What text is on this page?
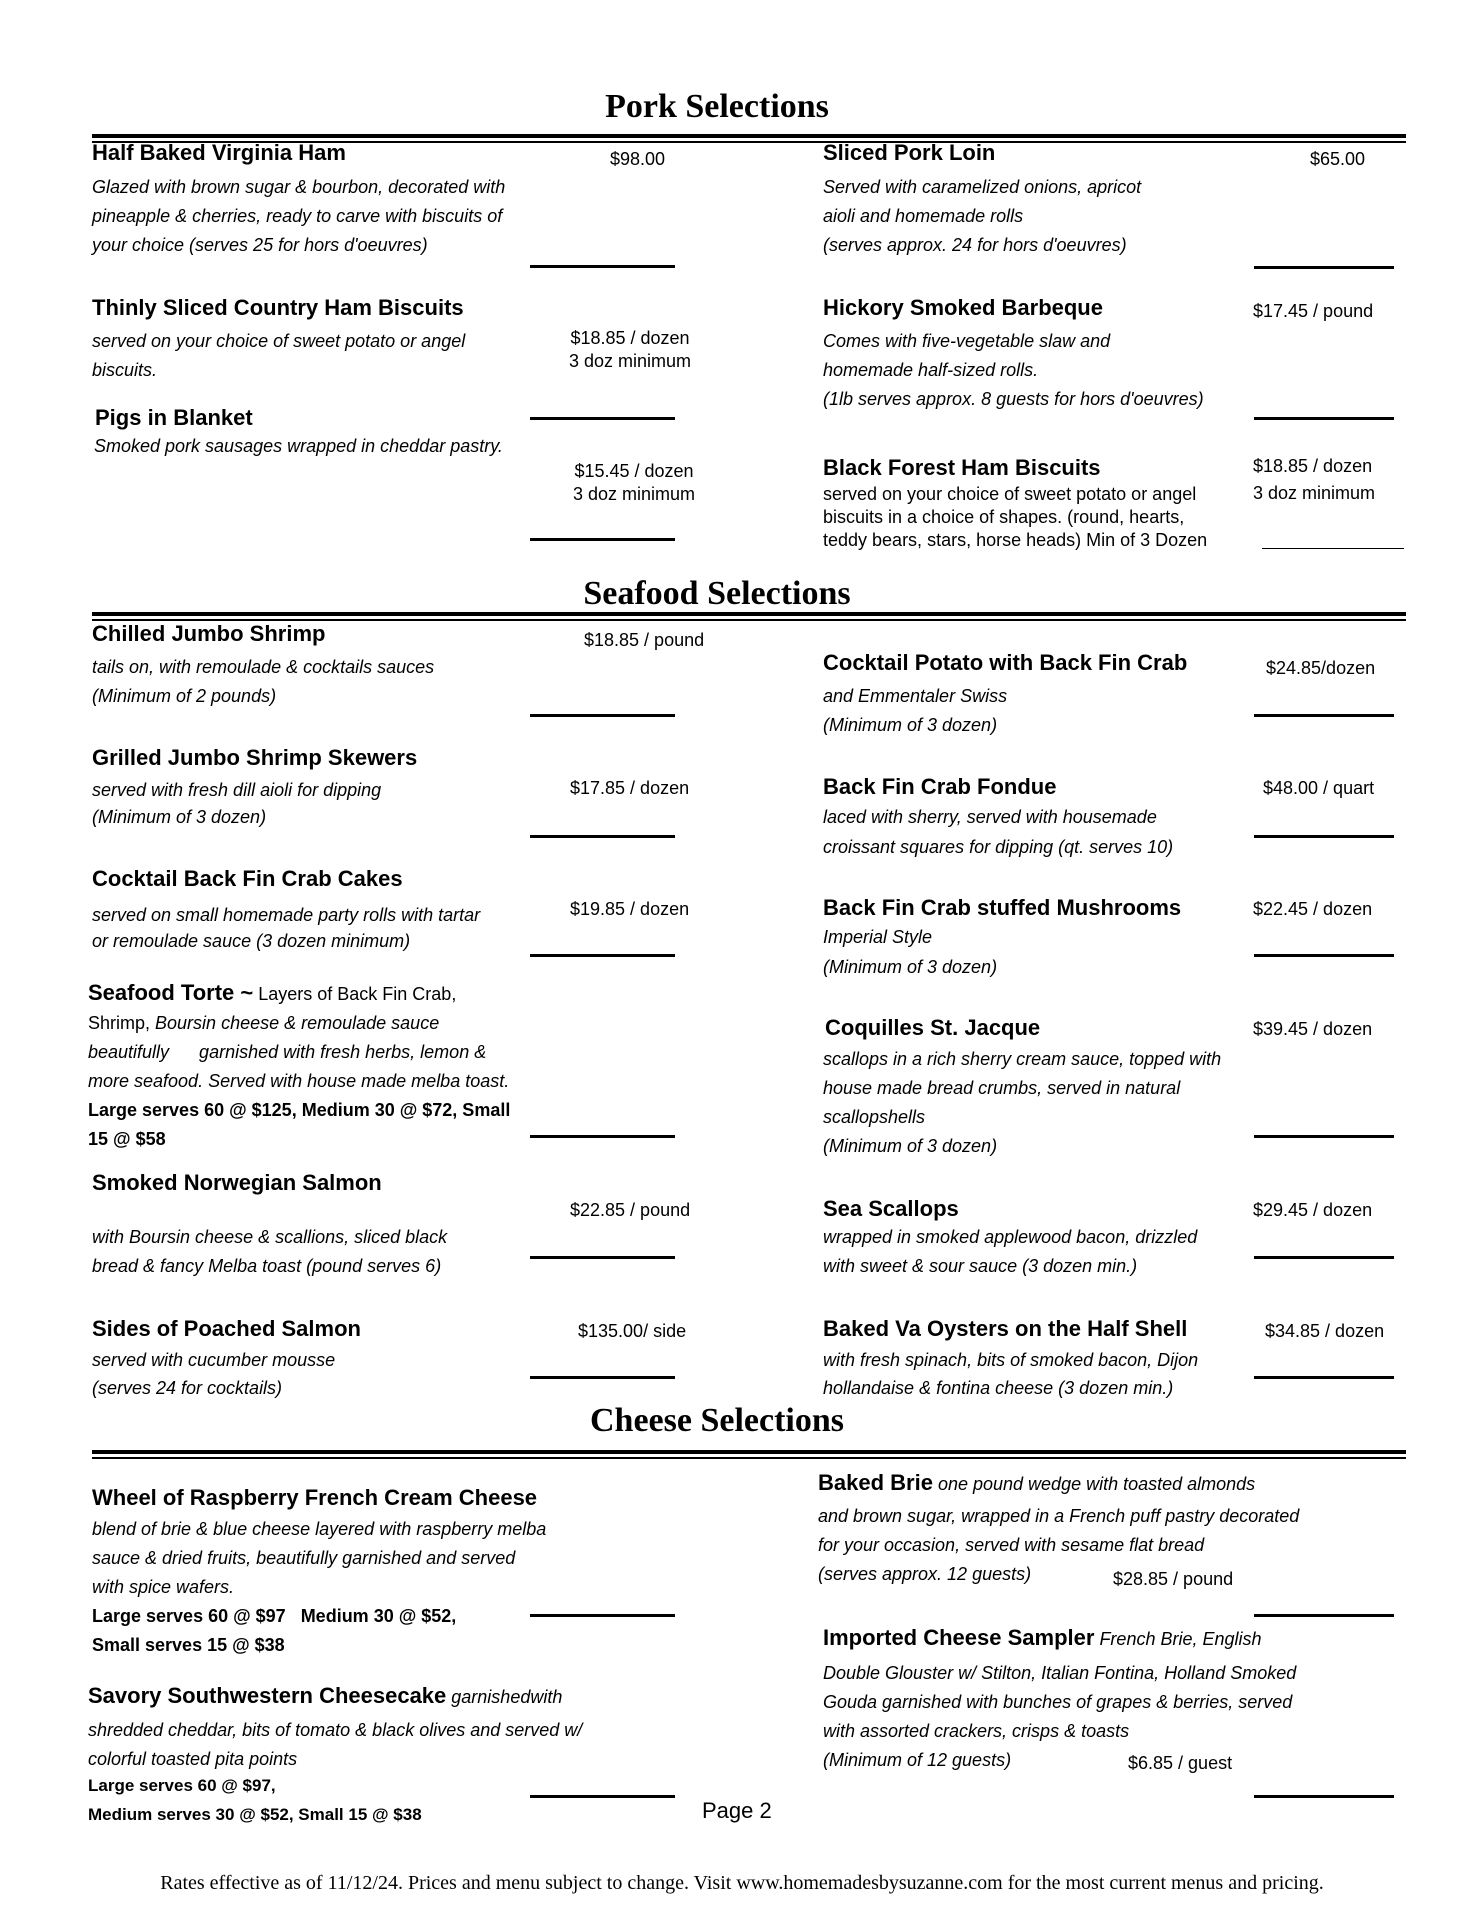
Pork Selections
Half Baked Virginia Ham	$98.00
Glazed with brown sugar & bourbon, decorated with
pineapple & cherries, ready to carve with biscuits of
your choice (serves 25 for hors d'oeuvres)
Sliced Pork Loin	$65.00
Served with caramelized onions, apricot
aioli and homemade rolls
(serves approx. 24 for hors d'oeuvres)
Thinly Sliced Country Ham Biscuits
$18.85 / dozen
3 doz minimum
served on your choice of sweet potato or angel
biscuits.
Hickory Smoked Barbeque	$17.45 / pound
Comes with five-vegetable slaw and
homemade half-sized rolls.
(1lb serves approx. 8 guests for hors d'oeuvres)
Pigs in Blanket
Smoked pork sausages wrapped in cheddar pastry.
$15.45 / dozen
3 doz minimum
Black Forest Ham Biscuits	$18.85 / dozen
3 doz minimum
served on your choice of sweet potato or angel
biscuits in a choice of shapes. (round, hearts,
teddy bears, stars, horse heads) Min of 3 Dozen
Seafood Selections
Chilled Jumbo Shrimp	$18.85 / pound
tails on, with remoulade & cocktails sauces
(Minimum of 2 pounds)
Cocktail Potato with Back Fin Crab	$24.85/dozen
and Emmentaler Swiss
(Minimum of 3 dozen)
Grilled Jumbo Shrimp Skewers
$17.85 / dozen
served with fresh dill aioli for dipping
(Minimum of 3 dozen)
Back Fin Crab Fondue	$48.00 / quart
laced with sherry, served with housemade
croissant squares for dipping (qt. serves 10)
Cocktail Back Fin Crab Cakes
$19.85 / dozen
served on small homemade party rolls with tartar
or remoulade sauce (3 dozen minimum)
Back Fin Crab stuffed Mushrooms	$22.45 / dozen
Imperial Style
(Minimum of 3 dozen)
Seafood Torte ~ Layers of Back Fin Crab,
Shrimp, Boursin cheese & remoulade sauce
beautifully      garnished with fresh herbs, lemon &
more seafood. Served with house made melba toast.
Large serves 60 @ $125, Medium 30 @ $72, Small
15 @ $58
Coquilles St. Jacque	$39.45 / dozen
scallops in a rich sherry cream sauce, topped with
house made bread crumbs, served in natural
scallopshells
(Minimum of 3 dozen)
Smoked Norwegian Salmon
$22.85 / pound
with Boursin cheese & scallions, sliced black
bread & fancy Melba toast (pound serves 6)
Sea Scallops	$29.45 / dozen
wrapped in smoked applewood bacon, drizzled
with sweet & sour sauce (3 dozen min.)
Sides of Poached Salmon	$135.00/ side
served with cucumber mousse
(serves 24 for cocktails)
Baked Va Oysters on the Half Shell	$34.85 / dozen
with fresh spinach, bits of smoked bacon, Dijon
hollandaise & fontina cheese (3 dozen min.)
Cheese Selections
Wheel of Raspberry French Cream Cheese
blend of brie & blue cheese layered with raspberry melba
sauce & dried fruits, beautifully garnished and served
with spice wafers.
Large serves 60 @ $97   Medium 30 @ $52,
Small serves 15 @ $38
Baked Brie one pound wedge with toasted almonds
and brown sugar, wrapped in a French puff pastry decorated
for your occasion, served with sesame flat bread
(serves approx. 12 guests)	$28.85 / pound
Imported Cheese Sampler French Brie, English
Double Glouster w/ Stilton, Italian Fontina, Holland Smoked
Gouda garnished with bunches of grapes & berries, served
with assorted crackers, crisps & toasts
(Minimum of 12 guests)	$6.85 / guest
Savory Southwestern Cheesecake garnishedwith
shredded cheddar, bits of tomato & black olives and served w/
colorful toasted pita points
Large serves 60 @ $97,
Medium serves 30 @ $52, Small 15 @ $38	Page 2
Rates effective as of 11/12/24. Prices and menu subject to change. Visit www.homemadesbysuzanne.com for the most current menus and pricing.
